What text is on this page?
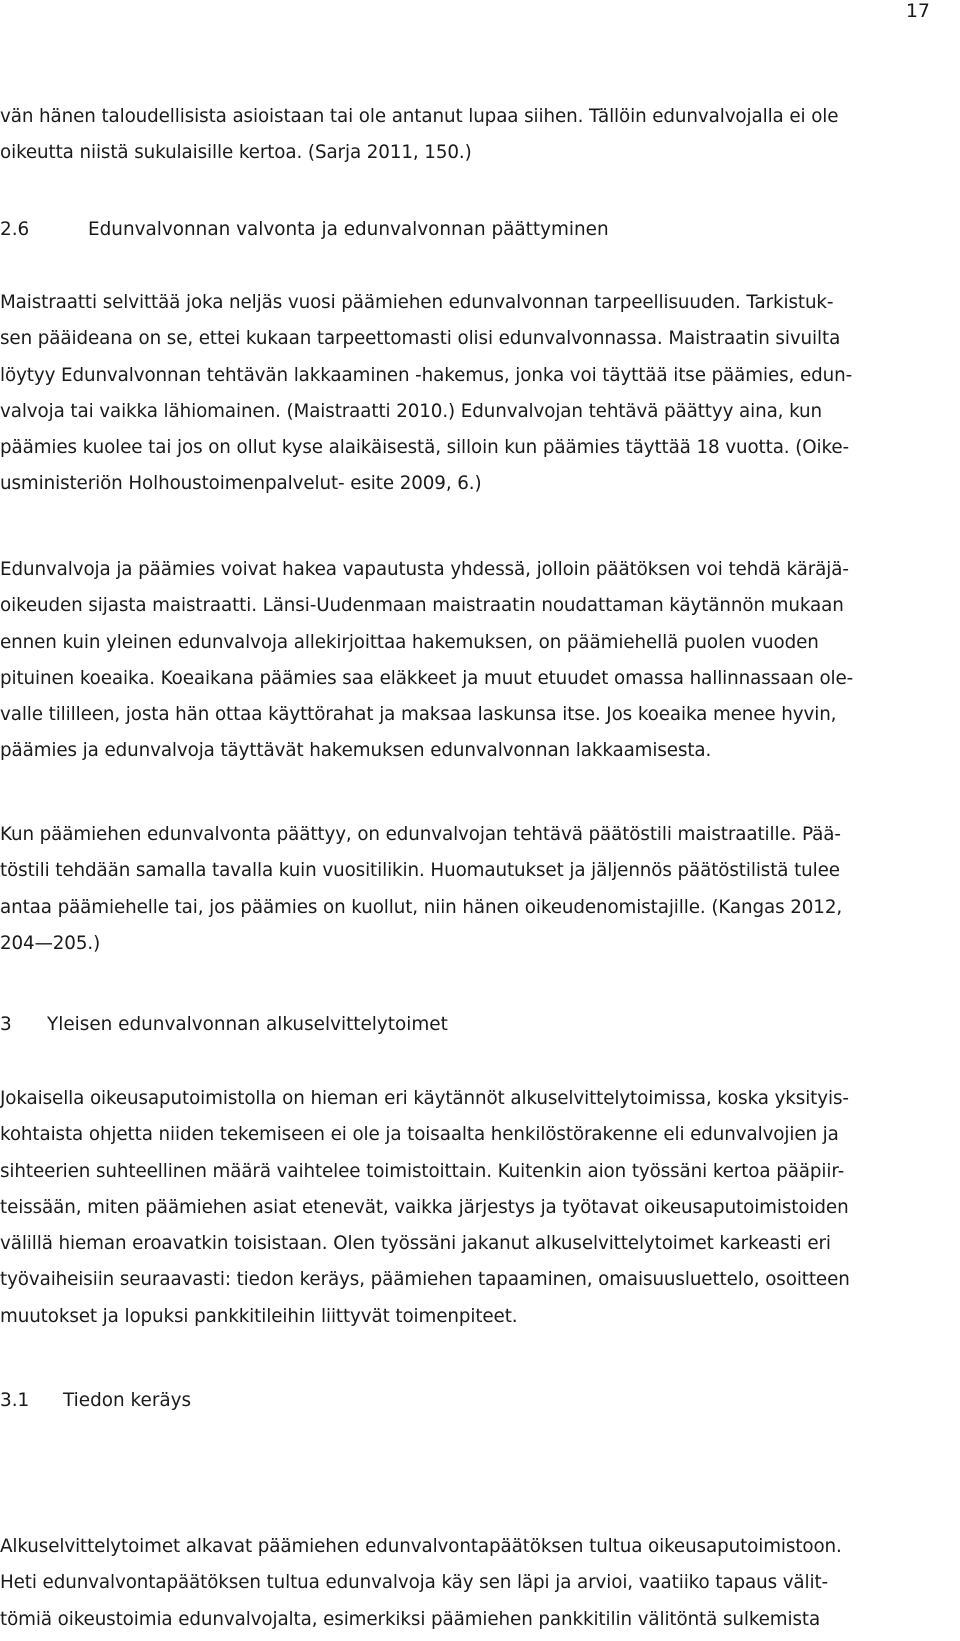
17
vän hänen taloudellisista asioistaan tai ole antanut lupaa siihen. Tällöin edunvalvojalla ei ole
oikeutta niistä sukulaisille kertoa. (Sarja 2011, 150.)
2.6	Edunvalvonnan valvonta ja edunvalvonnan päättyminen
Maistraatti selvittää joka neljäs vuosi päämiehen edunvalvonnan tarpeellisuuden. Tarkistuk-
sen pääideana on se, ettei kukaan tarpeettomasti olisi edunvalvonnassa. Maistraatin sivuilta
löytyy Edunvalvonnan tehtävän lakkaaminen -hakemus, jonka voi täyttää itse päämies, edun-
valvoja tai vaikka lähiomainen. (Maistraatti 2010.) Edunvalvojan tehtävä päättyy aina, kun
päämies kuolee tai jos on ollut kyse alaikäisestä, silloin kun päämies täyttää 18 vuotta. (Oike-
usministeriön Holhoustoimenpalvelut- esite 2009, 6.)
Edunvalvoja ja päämies voivat hakea vapautusta yhdessä, jolloin päätöksen voi tehdä käräjä-
oikeuden sijasta maistraatti. Länsi-Uudenmaan maistraatin noudattaman käytännön mukaan
ennen kuin yleinen edunvalvoja allekirjoittaa hakemuksen, on päämiehellä puolen vuoden
pituinen koeaika. Koeaikana päämies saa eläkkeet ja muut etuudet omassa hallinnassaan ole-
valle tililleen, josta hän ottaa käyttörahat ja maksaa laskunsa itse. Jos koeaika menee hyvin,
päämies ja edunvalvoja täyttävät hakemuksen edunvalvonnan lakkaamisesta.
Kun päämiehen edunvalvonta päättyy, on edunvalvojan tehtävä päätöstili maistraatille. Pää-
töstili tehdään samalla tavalla kuin vuositilikin. Huomautukset ja jäljennös päätöstilistä tulee
antaa päämiehelle tai, jos päämies on kuollut, niin hänen oikeudenomistajille. (Kangas 2012,
204—205.)
3 Yleisen edunvalvonnan alkuselvittelytoimet
Jokaisella oikeusaputoimistolla on hieman eri käytännöt alkuselvittelytoimissa, koska yksityis-
kohtaista ohjetta niiden tekemiseen ei ole ja toisaalta henkilöstörakenne eli edunvalvojien ja
sihteerien suhteellinen määrä vaihtelee toimistoittain. Kuitenkin aion työssäni kertoa pääpiir-
teissään, miten päämiehen asiat etenevät, vaikka järjestys ja työtavat oikeusaputoimistoiden
välillä hieman eroavatkin toisistaan. Olen työssäni jakanut alkuselvittelytoimet karkeasti eri
työvaiheisiin seuraavasti: tiedon keräys, päämiehen tapaaminen, omaisuusluettelo, osoitteen
muutokset ja lopuksi pankkitileihin liittyvät toimenpiteet.
3.1 Tiedon keräys
Alkuselvittelytoimet alkavat päämiehen edunvalvontapäätöksen tultua oikeusaputoimistoon.
Heti edunvalvontapäätöksen tultua edunvalvoja käy sen läpi ja arvioi, vaatiiko tapaus välit-
tömiä oikeustoimia edunvalvojalta, esimerkiksi päämiehen pankkitilin välitöntä sulkemista
